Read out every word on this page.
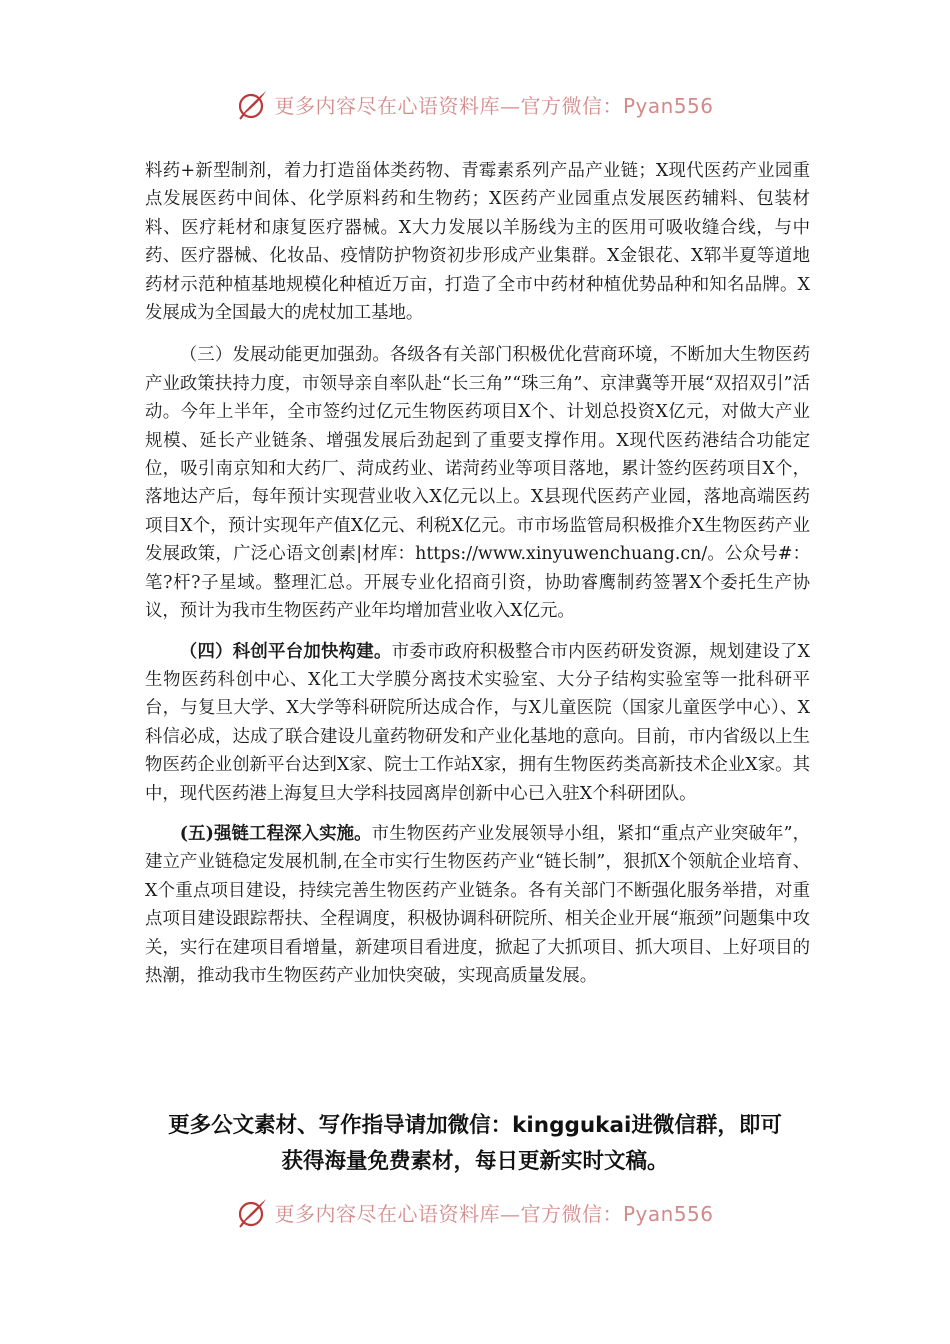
更多内容尽在心语资料库—官方微信：Pyan556

料药+新型制剂，着力打造甾体类药物、青霉素系列产品产业链；X现代医药产业园重点发展医药中间体、化学原料药和生物药；X医药产业园重点发展医药辅料、包装材料、医疗耗材和康复医疗器械。X大力发展以羊肠线为主的医用可吸收缝合线，与中药、医疗器械、化妆品、疫情防护物资初步形成产业集群。X金银花、X郓半夏等道地药材示范种植基地规模化种植近万亩，打造了全市中药材种植优势品种和知名品牌。X发展成为全国最大的虎杖加工基地。

（三）发展动能更加强劲。各级各有关部门积极优化营商环境，不断加大生物医药产业政策扶持力度，市领导亲自率队赴“长三角”“珠三角”、京津冀等开展“双招双引”活动。今年上半年，全市签约过亿元生物医药项目X个、计划总投资X亿元，对做大产业规模、延长产业链条、增强发展后劲起到了重要支撑作用。X现代医药港结合功能定位，吸引南京知和大药厂、菏成药业、诺菏药业等项目落地，累计签约医药项目X个，落地达产后，每年预计实现营业收入X亿元以上。X县现代医药产业园，落地高端医药项目X个，预计实现年产值X亿元、利税X亿元。市市场监管局积极推介X生物医药产业发展政策，广泛心语文创素|材库：https://www.xinyuwenchuang.cn/。公众号#：笔?杆?子星域。整理汇总。开展专业化招商引资，协助睿鹰制药签署X个委托生产协议，预计为我市生物医药产业年均增加营业收入X亿元。

（四）科创平台加快构建。市委市政府积极整合市内医药研发资源，规划建设了X生物医药科创中心、X化工大学膜分离技术实验室、大分子结构实验室等一批科研平台，与复旦大学、X大学等科研院所达成合作，与X儿童医院（国家儿童医学中心）、X科信必成，达成了联合建设儿童药物研发和产业化基地的意向。目前，市内省级以上生物医药企业创新平台达到X家、院士工作站X家，拥有生物医药类高新技术企业X家。其中，现代医药港上海复旦大学科技园离岸创新中心已入驻X个科研团队。

(五)强链工程深入实施。市生物医药产业发展领导小组，紧扣“重点产业突破年”，建立产业链稳定发展机制,在全市实行生物医药产业“链长制”，狠抓X个领航企业培育、X个重点项目建设，持续完善生物医药产业链条。各有关部门不断强化服务举措，对重点项目建设跟踪帮扶、全程调度，积极协调科研院所、相关企业开展“瓶颈”问题集中攻关，实行在建项目看增量，新建项目看进度，掀起了大抓项目、抓大项目、上好项目的热潮，推动我市生物医药产业加快突破，实现高质量发展。

更多公文素材、写作指导请加微信：kinggukai进微信群，即可
获得海量免费素材，每日更新实时文稿。
更多内容尽在心语资料库—官方微信：Pyan556
